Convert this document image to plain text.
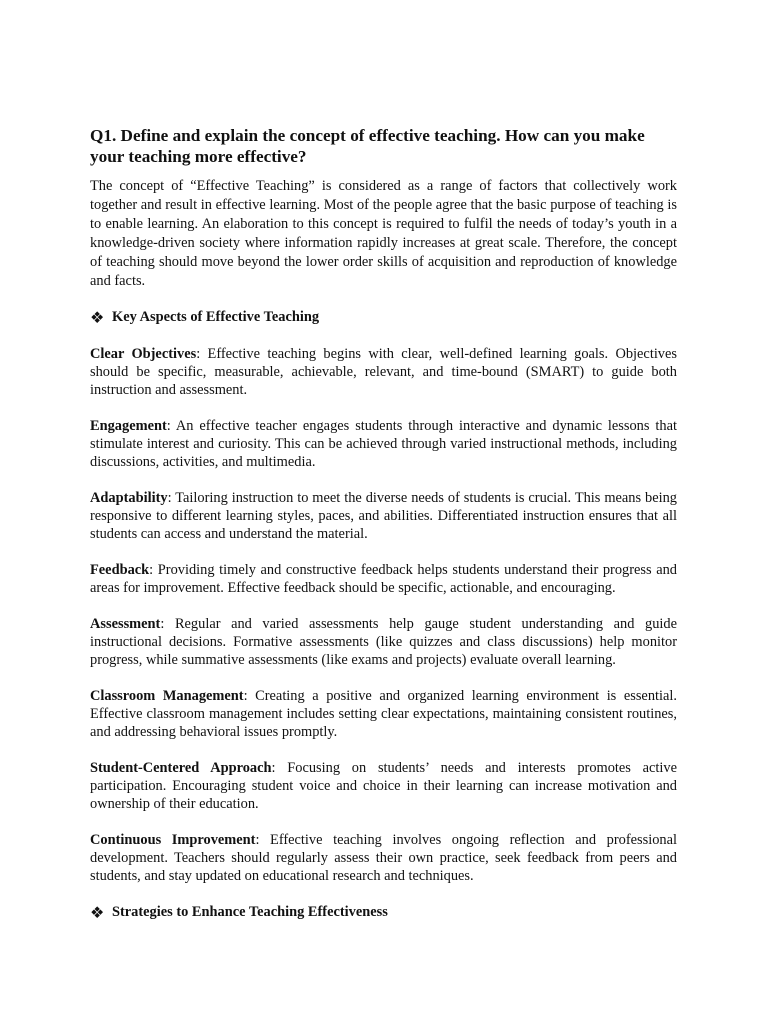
Q1. Define and explain the concept of effective teaching. How can you make your teaching more effective?

The concept of “Effective Teaching” is considered as a range of factors that collectively work together and result in effective learning. Most of the people agree that the basic purpose of teaching is to enable learning. An elaboration to this concept is required to fulfil the needs of today’s youth in a knowledge-driven society where information rapidly increases at great scale. Therefore, the concept of teaching should move beyond the lower order skills of acquisition and reproduction of knowledge and facts.

❖ Key Aspects of Effective Teaching

Clear Objectives: Effective teaching begins with clear, well-defined learning goals. Objectives should be specific, measurable, achievable, relevant, and time-bound (SMART) to guide both instruction and assessment.

Engagement: An effective teacher engages students through interactive and dynamic lessons that stimulate interest and curiosity. This can be achieved through varied instructional methods, including discussions, activities, and multimedia.

Adaptability: Tailoring instruction to meet the diverse needs of students is crucial. This means being responsive to different learning styles, paces, and abilities. Differentiated instruction ensures that all students can access and understand the material.

Feedback: Providing timely and constructive feedback helps students understand their progress and areas for improvement. Effective feedback should be specific, actionable, and encouraging.

Assessment: Regular and varied assessments help gauge student understanding and guide instructional decisions. Formative assessments (like quizzes and class discussions) help monitor progress, while summative assessments (like exams and projects) evaluate overall learning.

Classroom Management: Creating a positive and organized learning environment is essential. Effective classroom management includes setting clear expectations, maintaining consistent routines, and addressing behavioral issues promptly.

Student-Centered Approach: Focusing on students’ needs and interests promotes active participation. Encouraging student voice and choice in their learning can increase motivation and ownership of their education.

Continuous Improvement: Effective teaching involves ongoing reflection and professional development. Teachers should regularly assess their own practice, seek feedback from peers and students, and stay updated on educational research and techniques.

❖ Strategies to Enhance Teaching Effectiveness
